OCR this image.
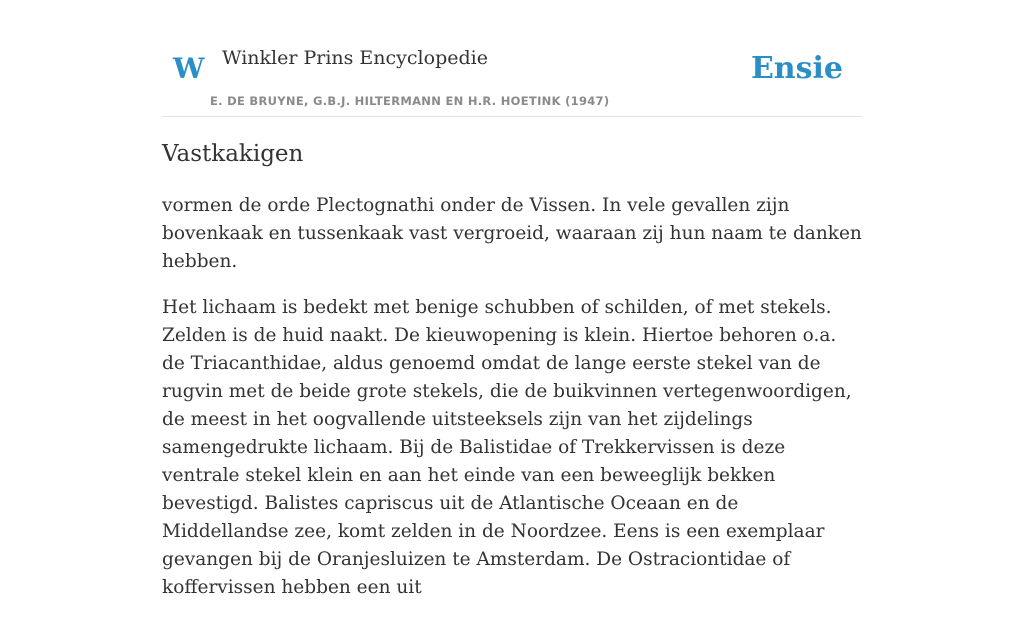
W Winkler Prins Encyclopedie
E. DE BRUYNE, G.B.J. HILTERMANN EN H.R. HOETINK (1947)
Ensie
Vastkakigen

vormen de orde Plectognathi onder de Vissen. In vele gevallen zijn bovenkaak en tussenkaak vast vergroeid, waaraan zij hun naam te danken hebben.

Het lichaam is bedekt met benige schubben of schilden, of met stekels. Zelden is de huid naakt. De kieuwopening is klein. Hiertoe behoren o.a. de Triacanthidae, aldus genoemd omdat de lange eerste stekel van de rugvin met de beide grote stekels, die de buikvinnen vertegenwoordigen, de meest in het oogvallende uitsteeksels zijn van het zijdelings samengedrukte lichaam. Bij de Balistidae of Trekkervissen is deze ventrale stekel klein en aan het einde van een beweeglijk bekken bevestigd. Balistes capriscus uit de Atlantische Oceaan en de Middellandse zee, komt zelden in de Noordzee. Eens is een exemplaar gevangen bij de Oranjesluizen te Amsterdam. De Ostraciontidae of koffervissen hebben een uit
